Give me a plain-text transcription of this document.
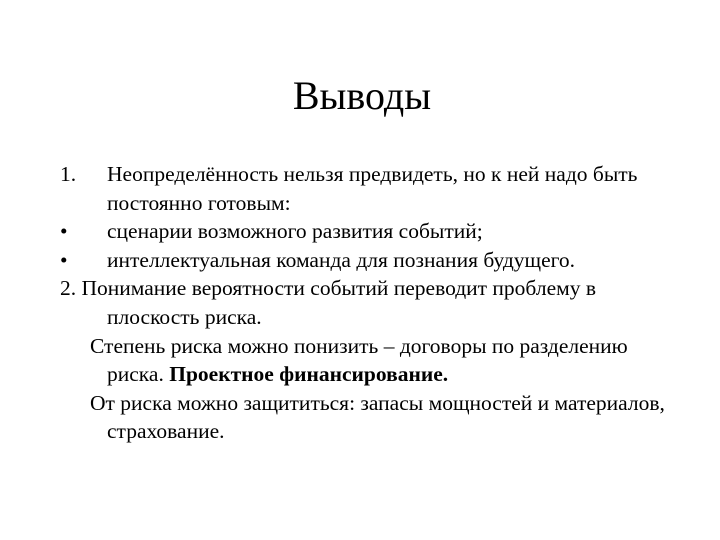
Выводы
1. Неопределённость нельзя предвидеть, но к ней надо быть постоянно готовым:
• сценарии возможного развития событий;
• интеллектуальная команда для познания будущего.
2. Понимание вероятности событий переводит проблему в плоскость риска.
Степень риска можно понизить – договоры по разделению риска. Проектное финансирование.
От риска можно защититься: запасы мощностей и материалов, страхование.
